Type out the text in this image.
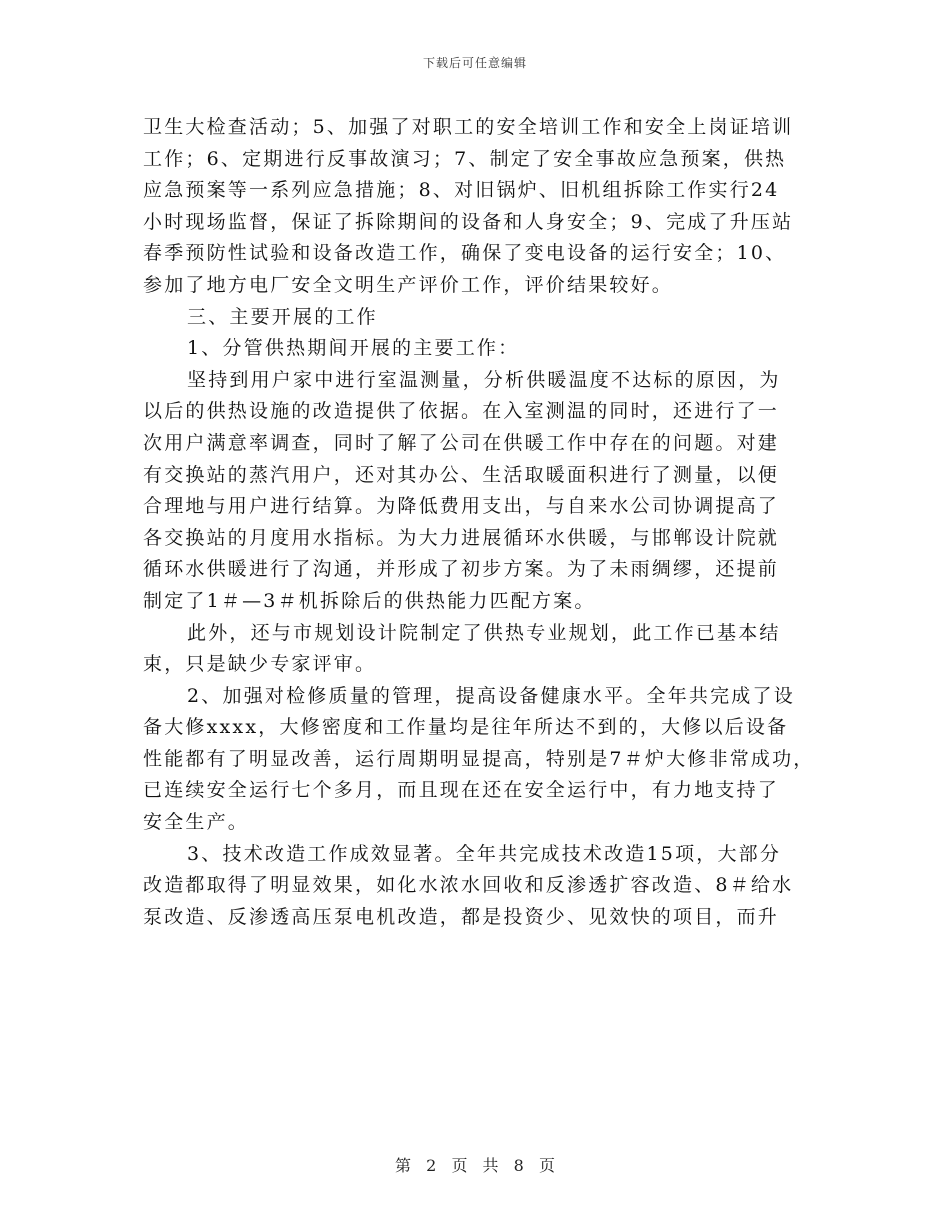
下载后可任意编辑
卫生大检查活动；5、加强了对职工的安全培训工作和安全上岗证培训
工作；6、定期进行反事故演习；7、制定了安全事故应急预案，供热
应急预案等一系列应急措施；8、对旧锅炉、旧机组拆除工作实行24
小时现场监督，保证了拆除期间的设备和人身安全；9、完成了升压站
春季预防性试验和设备改造工作，确保了变电设备的运行安全；10、
参加了地方电厂安全文明生产评价工作，评价结果较好。
三、主要开展的工作
1、分管供热期间开展的主要工作：
坚持到用户家中进行室温测量，分析供暖温度不达标的原因，为
以后的供热设施的改造提供了依据。在入室测温的同时，还进行了一
次用户满意率调查，同时了解了公司在供暖工作中存在的问题。对建
有交换站的蒸汽用户，还对其办公、生活取暖面积进行了测量，以便
合理地与用户进行结算。为降低费用支出，与自来水公司协调提高了
各交换站的月度用水指标。为大力进展循环水供暖，与邯郸设计院就
循环水供暖进行了沟通，并形成了初步方案。为了未雨绸缪，还提前
制定了1＃—3＃机拆除后的供热能力匹配方案。
此外，还与市规划设计院制定了供热专业规划，此工作已基本结
束，只是缺少专家评审。
2、加强对检修质量的管理，提高设备健康水平。全年共完成了设
备大修xxxx，大修密度和工作量均是往年所达不到的，大修以后设备
性能都有了明显改善，运行周期明显提高，特别是7＃炉大修非常成功，
已连续安全运行七个多月，而且现在还在安全运行中，有力地支持了
安全生产。
3、技术改造工作成效显著。全年共完成技术改造15项，大部分
改造都取得了明显效果，如化水浓水回收和反渗透扩容改造、8＃给水
泵改造、反渗透高压泵电机改造，都是投资少、见效快的项目，而升
第 2 页 共 8 页
